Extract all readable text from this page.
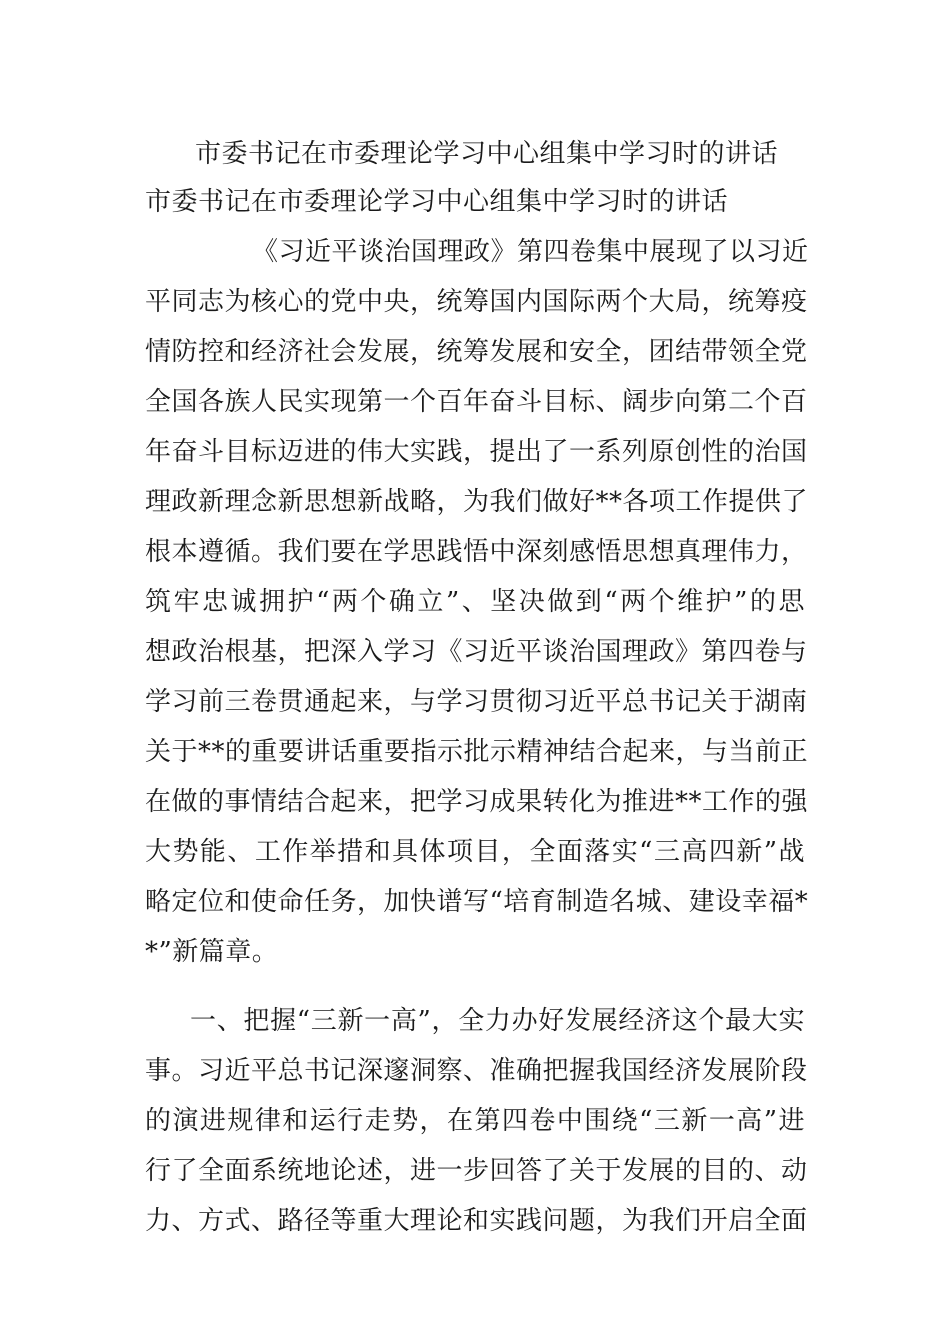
市委书记在市委理论学习中心组集中学习时的讲话
市委书记在市委理论学习中心组集中学习时的讲话
《习近平谈治国理政》第四卷集中展现了以习近
平同志为核心的党中央，统筹国内国际两个大局，统筹疫
情防控和经济社会发展，统筹发展和安全，团结带领全党
全国各族人民实现第一个百年奋斗目标、阔步向第二个百
年奋斗目标迈进的伟大实践，提出了一系列原创性的治国
理政新理念新思想新战略，为我们做好**各项工作提供了
根本遵循。我们要在学思践悟中深刻感悟思想真理伟力，
筑牢忠诚拥护“两个确立”、坚决做到“两个维护”的思
想政治根基，把深入学习《习近平谈治国理政》第四卷与
学习前三卷贯通起来，与学习贯彻习近平总书记关于湖南
关于**的重要讲话重要指示批示精神结合起来，与当前正
在做的事情结合起来，把学习成果转化为推进**工作的强
大势能、工作举措和具体项目，全面落实“三高四新”战
略定位和使命任务，加快谱写“培育制造名城、建设幸福*
*”新篇章。
一、把握“三新一高”，全力办好发展经济这个最大实
事。习近平总书记深邃洞察、准确把握我国经济发展阶段
的演进规律和运行走势，在第四卷中围绕“三新一高”进
行了全面系统地论述，进一步回答了关于发展的目的、动
力、方式、路径等重大理论和实践问题，为我们开启全面
